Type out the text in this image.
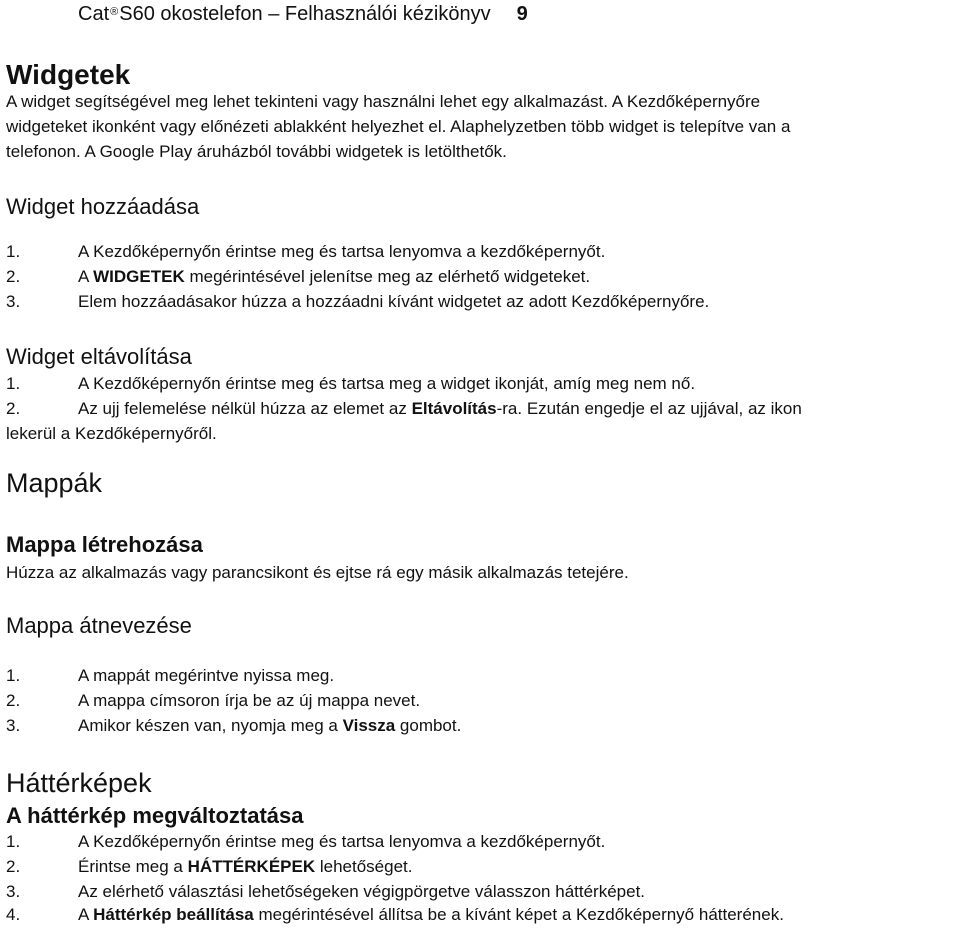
Cat®S60 okostelefon – Felhasználói kézikönyv 9
Widgetek
A widget segítségével meg lehet tekinteni vagy használni lehet egy alkalmazást. A Kezdőképernyőre
widgeteket ikonként vagy előnézeti ablakként helyezhet el. Alaphelyzetben több widget is telepítve van a
telefonon. A Google Play áruházból további widgetek is letölthetők.
Widget hozzáadása
1.	A Kezdőképernyőn érintse meg és tartsa lenyomva a kezdőképernyőt.
2.	A WIDGETEK megérintésével jelenítse meg az elérhető widgeteket.
3.	Elem hozzáadásakor húzza a hozzáadni kívánt widgetet az adott Kezdőképernyőre.
Widget eltávolítása
1.	A Kezdőképernyőn érintse meg és tartsa meg a widget ikonját, amíg meg nem nő.
2.	Az ujj felemelése nélkül húzza az elemet az Eltávolítás-ra. Ezután engedje el az ujjával, az ikon
lekerül a Kezdőképernyőről.
Mappák
Mappa létrehozása
Húzza az alkalmazás vagy parancsikont és ejtse rá egy másik alkalmazás tetejére.
Mappa átnevezése
1.	A mappát megérintve nyissa meg.
2.	A mappa címsoron írja be az új mappa nevet.
3.	Amikor készen van, nyomja meg a Vissza gombot.
Háttérképek
A háttérkép megváltoztatása
1.	A Kezdőképernyőn érintse meg és tartsa lenyomva a kezdőképernyőt.
2.	Érintse meg a HÁTTÉRKÉPEK lehetőséget.
3.	Az elérhető választási lehetőségeken végigpörgetve válasszon háttérképet.
4.	A Háttérkép beállítása megérintésével állítsa be a kívánt képet a Kezdőképernyő hátterének.
